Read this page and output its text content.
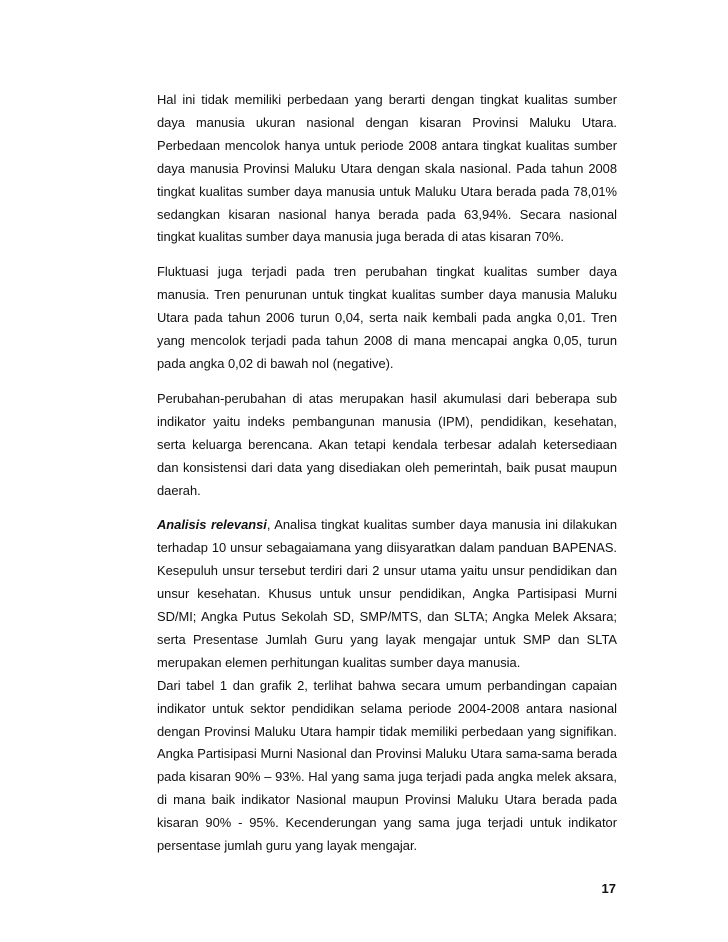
Hal ini tidak memiliki perbedaan yang berarti dengan tingkat kualitas sumber daya manusia ukuran nasional dengan kisaran Provinsi Maluku Utara. Perbedaan mencolok hanya untuk periode 2008 antara tingkat kualitas sumber daya manusia Provinsi Maluku Utara dengan skala nasional. Pada tahun 2008 tingkat kualitas sumber daya manusia untuk Maluku Utara berada pada 78,01% sedangkan kisaran nasional hanya berada pada 63,94%. Secara nasional tingkat kualitas sumber daya manusia juga berada di atas kisaran 70%.

Fluktuasi juga terjadi pada tren perubahan tingkat kualitas sumber daya manusia. Tren penurunan untuk tingkat kualitas sumber daya manusia Maluku Utara pada tahun 2006 turun 0,04, serta naik kembali pada angka 0,01. Tren yang mencolok terjadi pada tahun 2008 di mana mencapai angka 0,05, turun pada angka 0,02 di bawah nol (negative).

Perubahan-perubahan di atas merupakan hasil akumulasi dari beberapa sub indikator yaitu indeks pembangunan manusia (IPM), pendidikan, kesehatan, serta keluarga berencana. Akan tetapi kendala terbesar adalah ketersediaan dan konsistensi dari data yang disediakan oleh pemerintah, baik pusat maupun daerah.

Analisis relevansi, Analisa tingkat kualitas sumber daya manusia ini dilakukan terhadap 10 unsur sebagaiamana yang diisyaratkan dalam panduan BAPENAS. Kesepuluh unsur tersebut terdiri dari 2 unsur utama yaitu unsur pendidikan dan unsur kesehatan. Khusus untuk unsur pendidikan, Angka Partisipasi Murni SD/MI; Angka Putus Sekolah SD, SMP/MTS, dan SLTA; Angka Melek Aksara; serta Presentase Jumlah Guru yang layak mengajar untuk SMP dan SLTA merupakan elemen perhitungan kualitas sumber daya manusia.

Dari tabel 1 dan grafik 2, terlihat bahwa secara umum perbandingan capaian indikator untuk sektor pendidikan selama periode 2004-2008 antara nasional dengan Provinsi Maluku Utara hampir tidak memiliki perbedaan yang signifikan. Angka Partisipasi Murni Nasional dan Provinsi Maluku Utara sama-sama berada pada kisaran 90% – 93%. Hal yang sama juga terjadi pada angka melek aksara, di mana baik indikator Nasional maupun Provinsi Maluku Utara berada pada kisaran 90% - 95%. Kecenderungan yang sama juga terjadi untuk indikator persentase jumlah guru yang layak mengajar.

17
